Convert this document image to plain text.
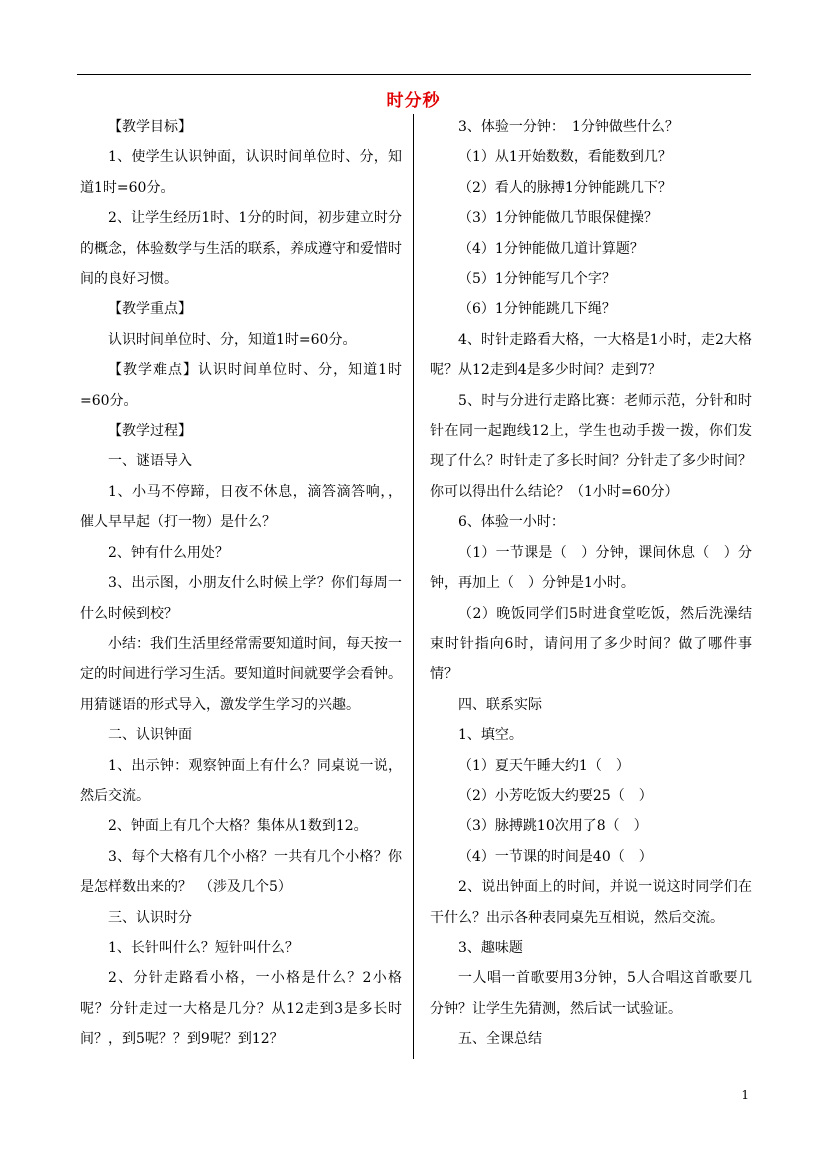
时分秒

【教学目标】

1、使学生认识钟面，认识时间单位时、分，知道1时=60分。

2、让学生经历1时、1分的时间，初步建立时分的概念，体验数学与生活的联系，养成遵守和爱惜时间的良好习惯。

【教学重点】

认识时间单位时、分，知道1时=60分。

【教学难点】认识时间单位时、分，知道1时=60分。

【教学过程】

一、谜语导入

1、小马不停蹄，日夜不休息，滴答滴答响，，催人早早起（打一物）是什么？

2、钟有什么用处？

3、出示图，小朋友什么时候上学？你们每周一什么时候到校？

小结：我们生活里经常需要知道时间，每天按一定的时间进行学习生活。要知道时间就要学会看钟。用猜谜语的形式导入，激发学生学习的兴趣。

二、认识钟面

1、出示钟：观察钟面上有什么？同桌说一说，然后交流。

2、钟面上有几个大格？集体从1数到12。

3、每个大格有几个小格？一共有几个小格？你是怎样数出来的？　（涉及几个5）

三、认识时分

1、长针叫什么？短针叫什么？

2、分针走路看小格，一小格是什么？2小格呢？分针走过一大格是几分？从12走到3是多长时间？，到5呢？？到9呢？到12？

3、体验一分钟：　1分钟做些什么？

（1）从1开始数数，看能数到几？

（2）看人的脉搏1分钟能跳几下？

（3）1分钟能做几节眼保健操？

（4）1分钟能做几道计算题？

（5）1分钟能写几个字？

（6）1分钟能跳几下绳？

4、时针走路看大格，一大格是1小时，走2大格呢？从12走到4是多少时间？走到7？

5、时与分进行走路比赛：老师示范，分针和时针在同一起跑线12上，学生也动手拨一拨，你们发现了什么？时针走了多长时间？分针走了多少时间？你可以得出什么结论？（1小时=60分）

6、体验一小时：

（1）一节课是（　）分钟，课间休息（　）分钟，再加上（　）分钟是1小时。

（2）晚饭同学们5时进食堂吃饭，然后洗澡结束时针指向6时，请问用了多少时间？做了哪件事情？

四、联系实际

1、填空。

（1）夏天午睡大约1（　）

（2）小芳吃饭大约要25（　）

（3）脉搏跳10次用了8（　）

（4）一节课的时间是40（　）

2、说出钟面上的时间，并说一说这时同学们在干什么？出示各种表同桌先互相说，然后交流。

3、趣味题

一人唱一首歌要用3分钟，5人合唱这首歌要几分钟？让学生先猜测，然后试一试验证。

五、全课总结

1
